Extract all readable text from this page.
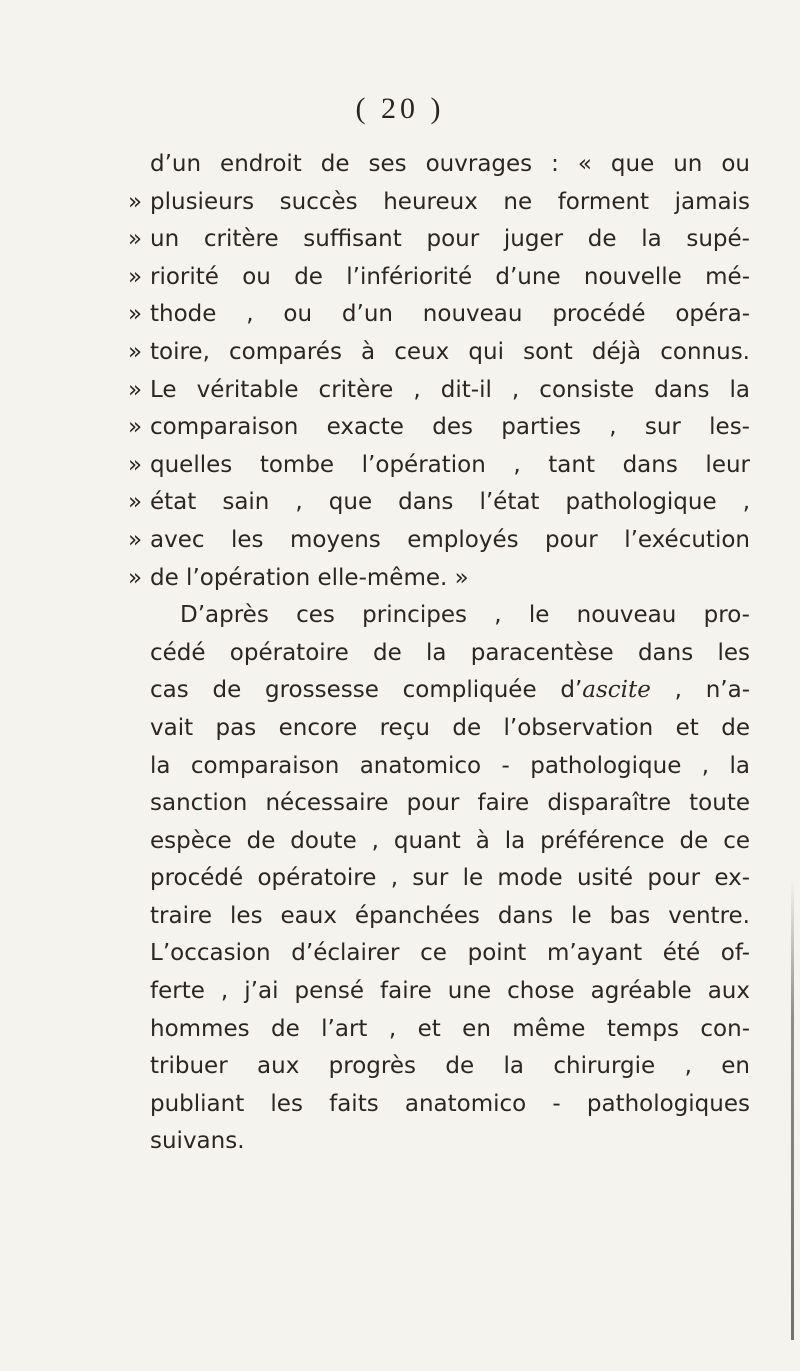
( 20 )
d’un endroit de ses ouvrages : « que un ou
» plusieurs succès heureux ne forment jamais
» un critère suffisant pour juger de la supé-
» riorité ou de l’infériorité d’une nouvelle mé-
» thode , ou d’un nouveau procédé opéra-
» toire, comparés à ceux qui sont déjà connus.
» Le véritable critère , dit-il , consiste dans la
» comparaison exacte des parties , sur les-
» quelles tombe l’opération , tant dans leur
» état sain , que dans l’état pathologique ,
» avec les moyens employés pour l’exécution
» de l’opération elle-même. »
D’après ces principes , le nouveau pro-
cédé opératoire de la paracentèse dans les
cas de grossesse compliquée d’ascite , n’a-
vait pas encore reçu de l’observation et de
la comparaison anatomico - pathologique , la
sanction nécessaire pour faire disparaître toute
espèce de doute , quant à la préférence de ce
procédé opératoire , sur le mode usité pour ex-
traire les eaux épanchées dans le bas ventre.
L’occasion d’éclairer ce point m’ayant été of-
ferte , j’ai pensé faire une chose agréable aux
hommes de l’art , et en même temps con-
tribuer aux progrès de la chirurgie , en
publiant les faits anatomico - pathologiques
suivans.
